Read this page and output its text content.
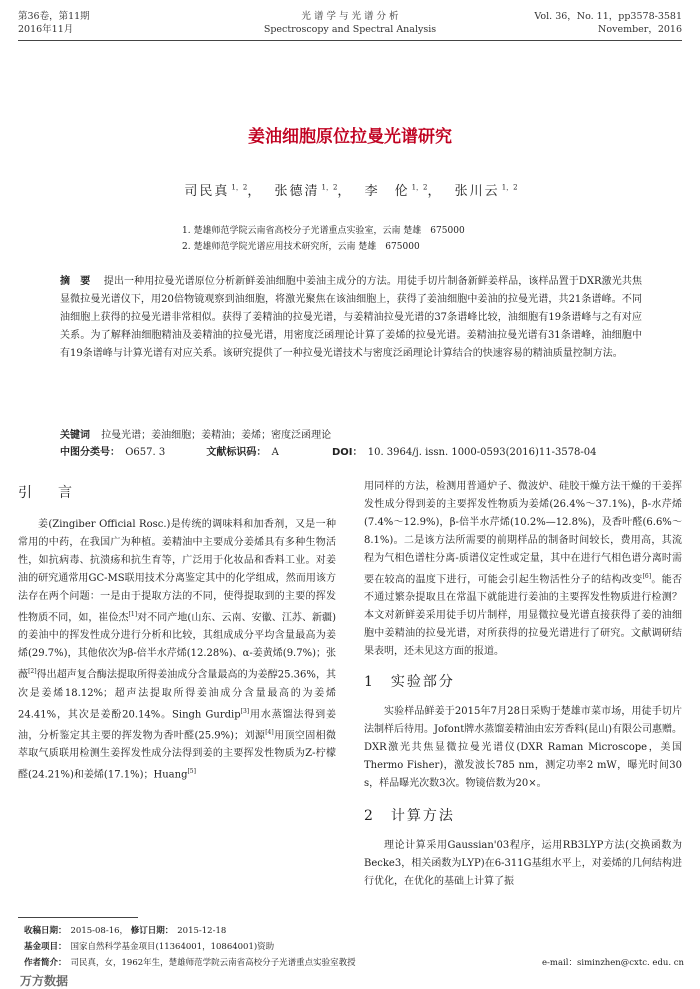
第36卷，第11期
2016年11月
光 谱 学 与 光 谱 分 析
Spectroscopy and Spectral Analysis
Vol. 36，No. 11，pp3578-3581
November，2016
姜油细胞原位拉曼光谱研究
司民真 $^{1,2}$， 张德清 $^{1,2}$， 李　伦 $^{1,2}$， 张川云 $^{1,2}$
1. 楚雄师范学院云南省高校分子光谱重点实验室，云南 楚雄　675000
2. 楚雄师范学院光谱应用技术研究所，云南 楚雄　675000
摘　要　 提出一种用拉曼光谱原位分析新鲜姜油细胞中姜油主成分的方法。用徒手切片制备新鲜姜样品，该样品置于DXR激光共焦显微拉曼光谱仪下，用20倍物镜观察到油细胞，将激光聚焦在该油细胞上，获得了姜油细胞中姜油的拉曼光谱，共21条谱峰。不同油细胞上获得的拉曼光谱非常相似。获得了姜精油的拉曼光谱，与姜精油拉曼光谱的37条谱峰比较，油细胞有19条谱峰与之有对应关系。为了解释油细胞精油及姜精油的拉曼光谱，用密度泛函理论计算了姜烯的拉曼光谱。姜精油拉曼光谱有31条谱峰，油细胞中有19条谱峰与计算光谱有对应关系。该研究提供了一种拉曼光谱技术与密度泛函理论计算结合的快速容易的精油质量控制方法。
关键词 拉曼光谱；姜油细胞；姜精油；姜烯；密度泛函理论
中图分类号： O657. 3	文献标识码： A	DOI： 10. 3964/j. issn. 1000-0593(2016)11-3578-04
引　言

姜(Zingiber Official Rosc.)是传统的调味料和加香剂，又是一种常用的中药，在我国广为种植。姜精油中主要成分姜烯具有多种生物活性，如抗病毒、抗溃疡和抗生育等，广泛用于化妆品和香料工业。对姜油的研究通常用GC-MS联用技术分离鉴定其中的化学组成，然而用该方法存在两个问题：一是由于提取方法的不同，使得提取到的主要的挥发性物质不同，如，崔俭杰[1]对不同产地(山东、云南、安徽、江苏、新疆)的姜油中的挥发性成分进行分析和比较，其组成成分平均含量最高为姜烯(29.7%)，其他依次为β-倍半水芹烯(12.28%)、α-姜黄烯(9.7%)；张薇[2]得出超声复合酶法提取所得姜油成分含量最高的为姜醇25.36%，其次是姜烯18.12%；超声法提取所得姜油成分含量最高的为姜烯24.41%，其次是姜酚20.14%。Singh Gurdip[3]用水蒸馏法得到姜油，分析鉴定其主要的挥发物为香叶醛(25.9%)；刘源[4]用顶空固相微萃取气质联用检测生姜挥发性成分法得到姜的主要挥发性物质为Z-柠檬醛(24.21%)和姜烯(17.1%)；Huang[5]

用同样的方法，检测用普通炉子、微波炉、硅胶干燥方法干燥的干姜挥发性成分得到姜的主要挥发性物质为姜烯(26.4%～37.1%)，β-水芹烯(7.4%～12.9%)，β-倍半水芹烯(10.2%—12.8%)，及香叶醛(6.6%～8.1%)。二是该方法所需要的前期样品的制备时间较长，费用高，其流程为气相色谱柱分离-质谱仪定性或定量，其中在进行气相色谱分离时需要在较高的温度下进行，可能会引起生物活性分子的结构改变[6]。能否不通过繁杂提取且在常温下就能进行姜油的主要挥发性物质进行检测？本文对新鲜姜采用徒手切片制样，用显微拉曼光谱直接获得了姜的油细胞中姜精油的拉曼光谱，对所获得的拉曼光谱进行了研究。文献调研结果表明，还未见这方面的报道。

1　实验部分

实验样品鲜姜于2015年7月28日采购于楚雄市菜市场，用徒手切片法制样后待用。Jofont牌水蒸馏姜精油由宏芳香料(昆山)有限公司惠赠。DXR激光共焦显微拉曼光谱仪(DXR Raman Microscope，美国Thermo Fisher)，激发波长785 nm，测定功率2 mW，曝光时间30 s，样品曝光次数3次。物镜倍数为20×。

2　计算方法

理论计算采用Gaussian'03程序，运用RB3LYP方法(交换函数为Becke3，相关函数为LYP)在6-311G基组水平上，对姜烯的几何结构进行优化，在优化的基础上计算了振

收稿日期： 2015-08-16， 修订日期： 2015-12-18
基金项目： 国家自然科学基金项目(11364001，10864001)资助
作者简介： 司民真，女，1962年生，楚雄师范学院云南省高校分子光谱重点实验室教授	e-mail：siminzhen@cxtc. edu. cn
万方数据
